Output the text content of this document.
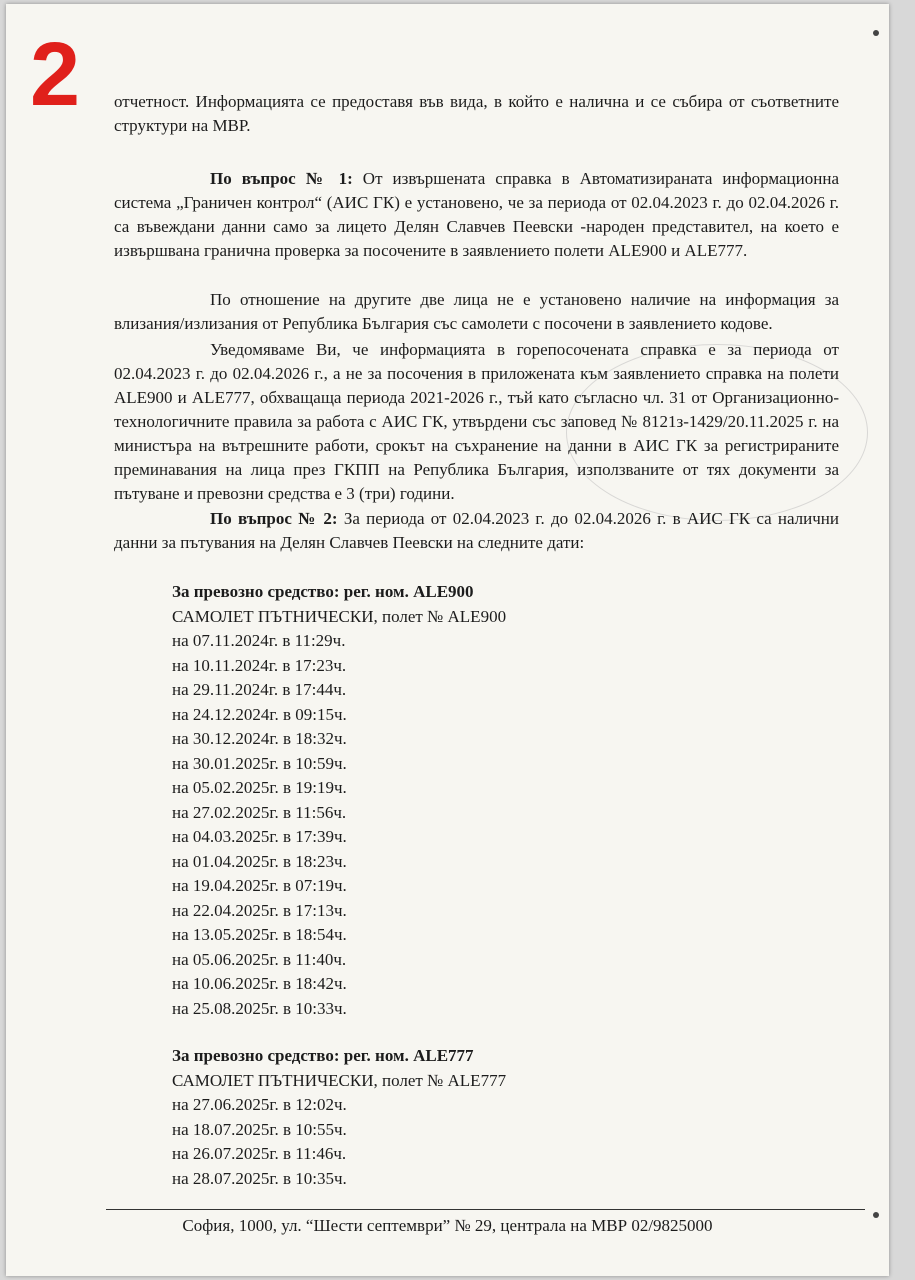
2 отчетност. Информацията се предоставя във вида, в който е налична и се събира от съответните структури на МВР.

По въпрос № 1: От извършената справка в Автоматизираната информационна система „Граничен контрол“ (АИС ГК) е установено, че за периода от 02.04.2023 г. до 02.04.2026 г. са въвеждани данни само за лицето Делян Славчев Пеевски -народен представител, на което е извършвана гранична проверка за посочените в заявлението полети ALE900 и ALE777.

По отношение на другите две лица не е установено наличие на информация за влизания/излизания от Република България със самолети с посочени в заявлението кодове.

Уведомяваме Ви, че информацията в горепосочената справка е за периода от 02.04.2023 г. до 02.04.2026 г., а не за посочения в приложената към заявлението справка на полети ALE900 и ALE777, обхващаща периода 2021-2026 г., тъй като съгласно чл. 31 от Организационно-технологичните правила за работа с АИС ГК, утвърдени със заповед № 8121з-1429/20.11.2025 г. на министъра на вътрешните работи, срокът на съхранение на данни в АИС ГК за регистрираните преминавания на лица през ГКПП на Република България, използваните от тях документи за пътуване и превозни средства е 3 (три) години.

По въпрос № 2: За периода от 02.04.2023 г. до 02.04.2026 г. в АИС ГК са налични данни за пътувания на Делян Славчев Пеевски на следните дати:

За превозно средство: рег. ном. ALE900
САМОЛЕТ ПЪТНИЧЕСКИ, полет № ALE900
на 07.11.2024г. в 11:29ч.
на 10.11.2024г. в 17:23ч.
на 29.11.2024г. в 17:44ч.
на 24.12.2024г. в 09:15ч.
на 30.12.2024г. в 18:32ч.
на 30.01.2025г. в 10:59ч.
на 05.02.2025г. в 19:19ч.
на 27.02.2025г. в 11:56ч.
на 04.03.2025г. в 17:39ч.
на 01.04.2025г. в 18:23ч.
на 19.04.2025г. в 07:19ч.
на 22.04.2025г. в 17:13ч.
на 13.05.2025г. в 18:54ч.
на 05.06.2025г. в 11:40ч.
на 10.06.2025г. в 18:42ч.
на 25.08.2025г. в 10:33ч.
За превозно средство: рег. ном. ALE777
САМОЛЕТ ПЪТНИЧЕСКИ, полет № ALE777
на 27.06.2025г. в 12:02ч.
на 18.07.2025г. в 10:55ч.
на 26.07.2025г. в 11:46ч.
на 28.07.2025г. в 10:35ч.
София, 1000, ул. “Шести септември” № 29, централа на МВР 02/9825000
